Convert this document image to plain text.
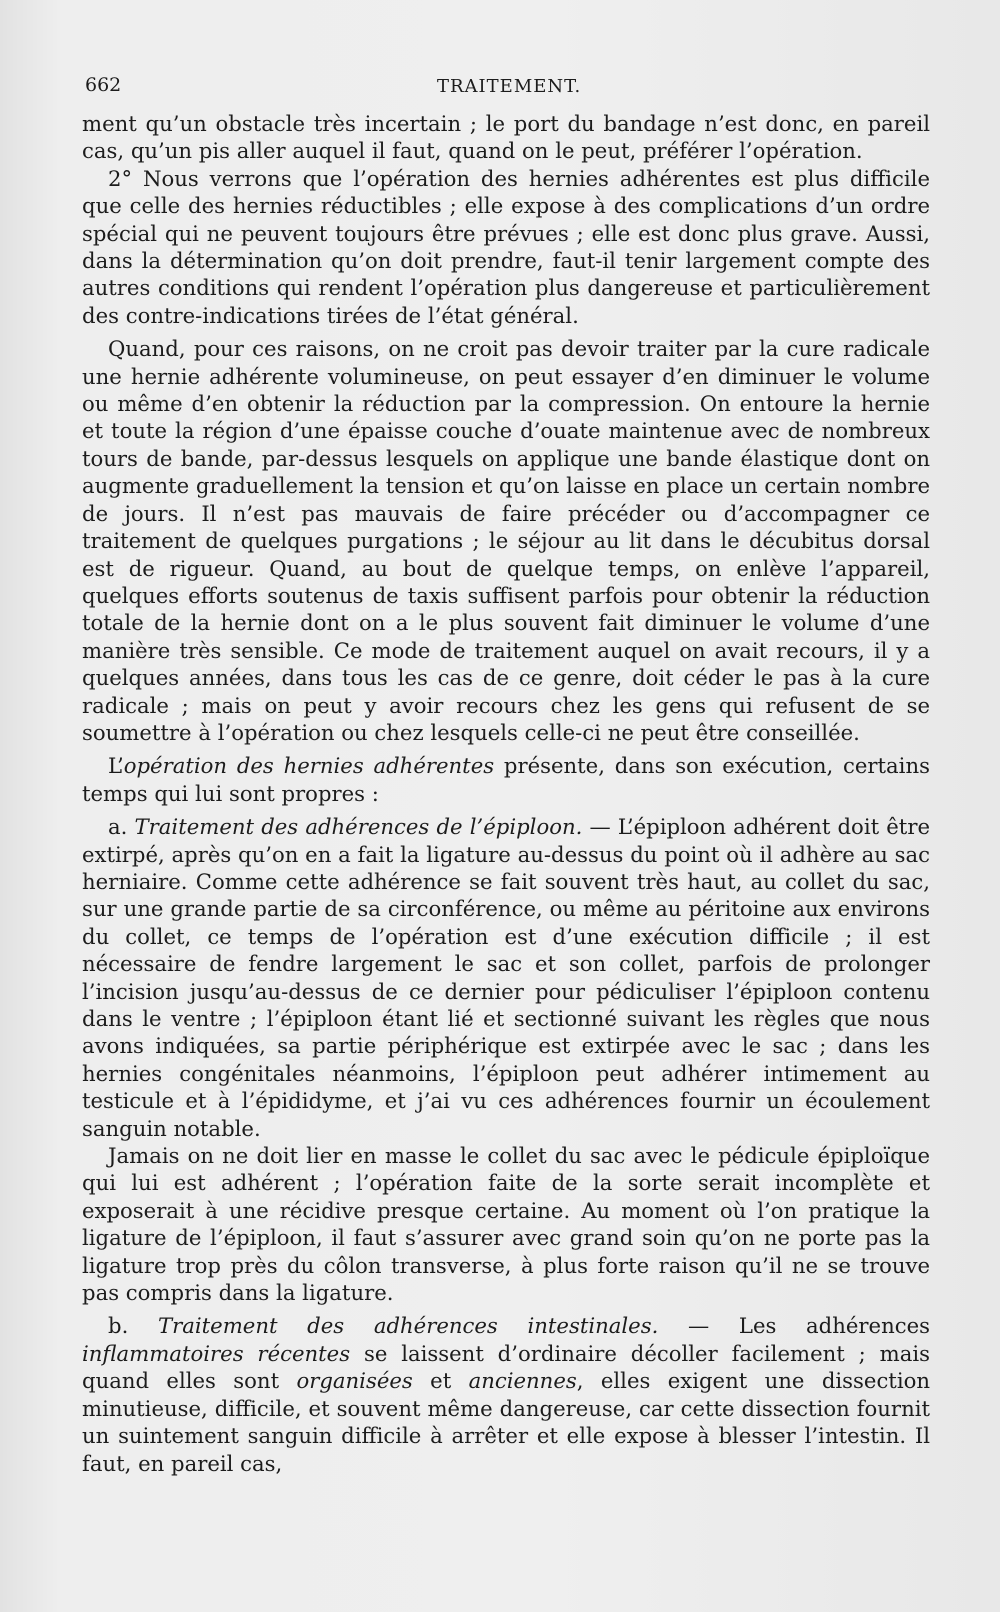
662	TRAITEMENT.

ment qu’un obstacle très incertain ; le port du bandage n’est donc, en pareil cas, qu’un pis aller auquel il faut, quand on le peut, préférer l’opération.

2° Nous verrons que l’opération des hernies adhérentes est plus difficile que celle des hernies réductibles ; elle expose à des complications d’un ordre spécial qui ne peuvent toujours être prévues ; elle est donc plus grave. Aussi, dans la détermination qu’on doit prendre, faut-il tenir largement compte des autres conditions qui rendent l’opération plus dangereuse et particulièrement des contre-indications tirées de l’état général.

Quand, pour ces raisons, on ne croit pas devoir traiter par la cure radicale une hernie adhérente volumineuse, on peut essayer d’en diminuer le volume ou même d’en obtenir la réduction par la compression. On entoure la hernie et toute la région d’une épaisse couche d’ouate maintenue avec de nombreux tours de bande, par-dessus lesquels on applique une bande élastique dont on augmente graduellement la tension et qu’on laisse en place un certain nombre de jours. Il n’est pas mauvais de faire précéder ou d’accompagner ce traitement de quelques purgations ; le séjour au lit dans le décubitus dorsal est de rigueur. Quand, au bout de quelque temps, on enlève l’appareil, quelques efforts soutenus de taxis suffisent parfois pour obtenir la réduction totale de la hernie dont on a le plus souvent fait diminuer le volume d’une manière très sensible. Ce mode de traitement auquel on avait recours, il y a quelques années, dans tous les cas de ce genre, doit céder le pas à la cure radicale ; mais on peut y avoir recours chez les gens qui refusent de se soumettre à l’opération ou chez lesquels celle-ci ne peut être conseillée.

L’opération des hernies adhérentes présente, dans son exécution, certains temps qui lui sont propres :

a. Traitement des adhérences de l’épiploon. — L’épiploon adhérent doit être extirpé, après qu’on en a fait la ligature au-dessus du point où il adhère au sac herniaire. Comme cette adhérence se fait souvent très haut, au collet du sac, sur une grande partie de sa circonférence, ou même au péritoine aux environs du collet, ce temps de l’opération est d’une exécution difficile ; il est nécessaire de fendre largement le sac et son collet, parfois de prolonger l’incision jusqu’au-dessus de ce dernier pour pédiculiser l’épiploon contenu dans le ventre ; l’épiploon étant lié et sectionné suivant les règles que nous avons indiquées, sa partie périphérique est extirpée avec le sac ; dans les hernies congénitales néanmoins, l’épiploon peut adhérer intimement au testicule et à l’épididyme, et j’ai vu ces adhérences fournir un écoulement sanguin notable.

Jamais on ne doit lier en masse le collet du sac avec le pédicule épiploïque qui lui est adhérent ; l’opération faite de la sorte serait incomplète et exposerait à une récidive presque certaine. Au moment où l’on pratique la ligature de l’épiploon, il faut s’assurer avec grand soin qu’on ne porte pas la ligature trop près du côlon transverse, à plus forte raison qu’il ne se trouve pas compris dans la ligature.

b. Traitement des adhérences intestinales. — Les adhérences inflammatoires récentes se laissent d’ordinaire décoller facilement ; mais quand elles sont organisées et anciennes, elles exigent une dissection minutieuse, difficile, et souvent même dangereuse, car cette dissection fournit un suintement sanguin difficile à arrêter et elle expose à blesser l’intestin. Il faut, en pareil cas,
